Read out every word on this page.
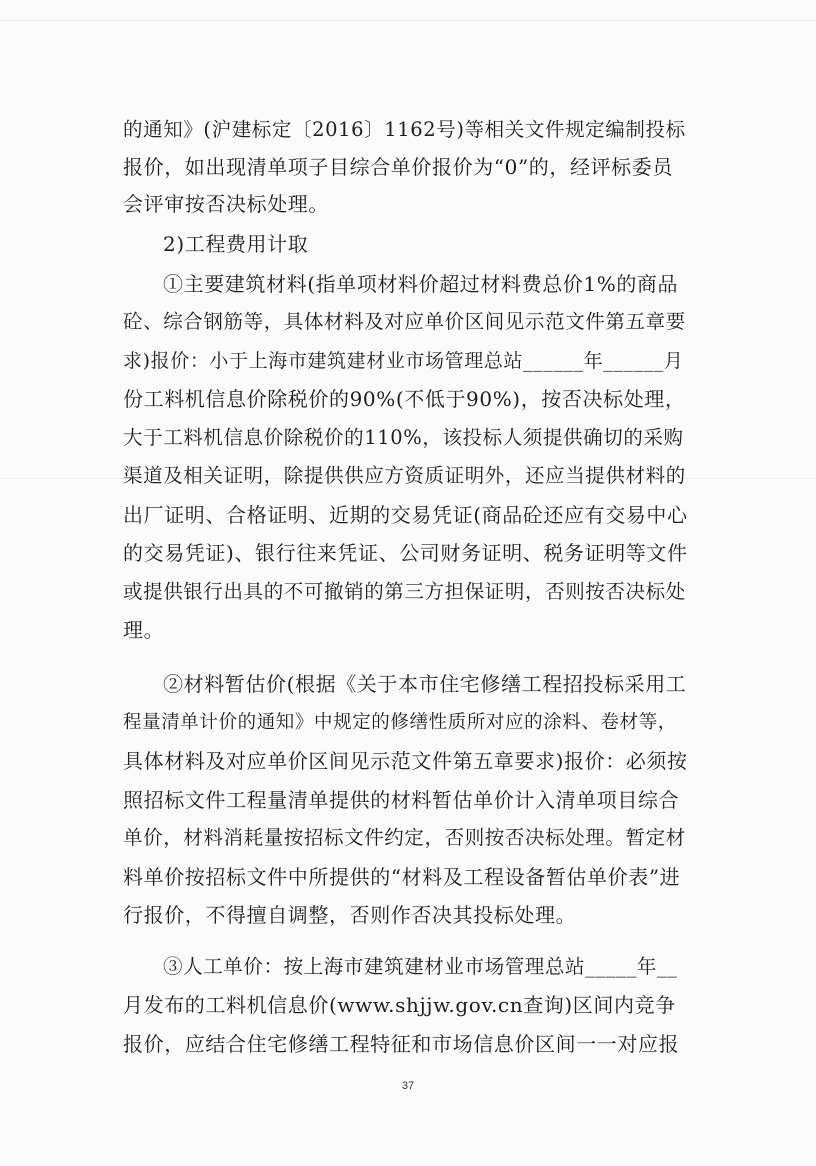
的通知》(沪建标定〔2016〕1162号)等相关文件规定编制投标
报价，如出现清单项子目综合单价报价为“0”的，经评标委员
会评审按否决标处理。
2)工程费用计取
①主要建筑材料(指单项材料价超过材料费总价1%的商品
砼、综合钢筋等，具体材料及对应单价区间见示范文件第五章要
求)报价：小于上海市建筑建材业市场管理总站______年______月
份工料机信息价除税价的90%(不低于90%)，按否决标处理，
大于工料机信息价除税价的110%，该投标人须提供确切的采购
渠道及相关证明，除提供供应方资质证明外，还应当提供材料的
出厂证明、合格证明、近期的交易凭证(商品砼还应有交易中心
的交易凭证)、银行往来凭证、公司财务证明、税务证明等文件
或提供银行出具的不可撤销的第三方担保证明，否则按否决标处
理。
②材料暂估价(根据《关于本市住宅修缮工程招投标采用工
程量清单计价的通知》中规定的修缮性质所对应的涂料、卷材等，
具体材料及对应单价区间见示范文件第五章要求)报价：必须按
照招标文件工程量清单提供的材料暂估单价计入清单项目综合
单价，材料消耗量按招标文件约定，否则按否决标处理。暂定材
料单价按招标文件中所提供的“材料及工程设备暂估单价表”进
行报价，不得擅自调整，否则作否决其投标处理。
③人工单价：按上海市建筑建材业市场管理总站_____年__
月发布的工料机信息价(www.shjjw.gov.cn查询)区间内竞争
报价，应结合住宅修缮工程特征和市场信息价区间一一对应报
37
